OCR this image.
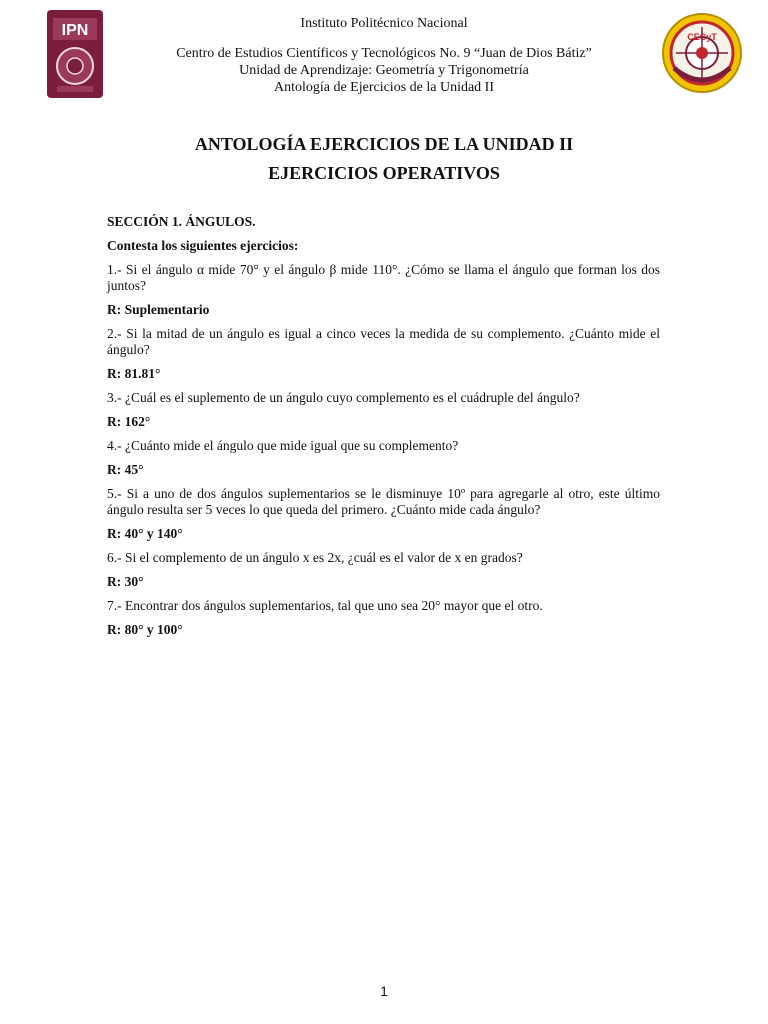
IPN	CECyT
Instituto Politécnico Nacional
Centro de Estudios Científicos y Tecnológicos No. 9 “Juan de Dios Bátiz”
Unidad de Aprendizaje: Geometría y Trigonometría
Antología de Ejercicios de la Unidad II
ANTOLOGÍA EJERCICIOS DE LA UNIDAD II
EJERCICIOS OPERATIVOS

SECCIÓN 1. ÁNGULOS.

Contesta los siguientes ejercicios:

1.- Si el ángulo α mide 70° y el ángulo β mide 110°. ¿Cómo se llama el ángulo que forman los dos juntos?

R: Suplementario

2.- Si la mitad de un ángulo es igual a cinco veces la medida de su complemento. ¿Cuánto mide el ángulo?

R: 81.81°

3.- ¿Cuál es el suplemento de un ángulo cuyo complemento es el cuádruple del ángulo?

R: 162°

4.- ¿Cuánto mide el ángulo que mide igual que su complemento?

R: 45°

5.- Si a uno de dos ángulos suplementarios se le disminuye 10º para agregarle al otro, este último ángulo resulta ser 5 veces lo que queda del primero. ¿Cuánto mide cada ángulo?

R: 40° y 140°

6.- Si el complemento de un ángulo x es 2x, ¿cuál es el valor de x en grados?

R: 30°

7.- Encontrar dos ángulos suplementarios, tal que uno sea 20° mayor que el otro.

R: 80° y 100°

1
